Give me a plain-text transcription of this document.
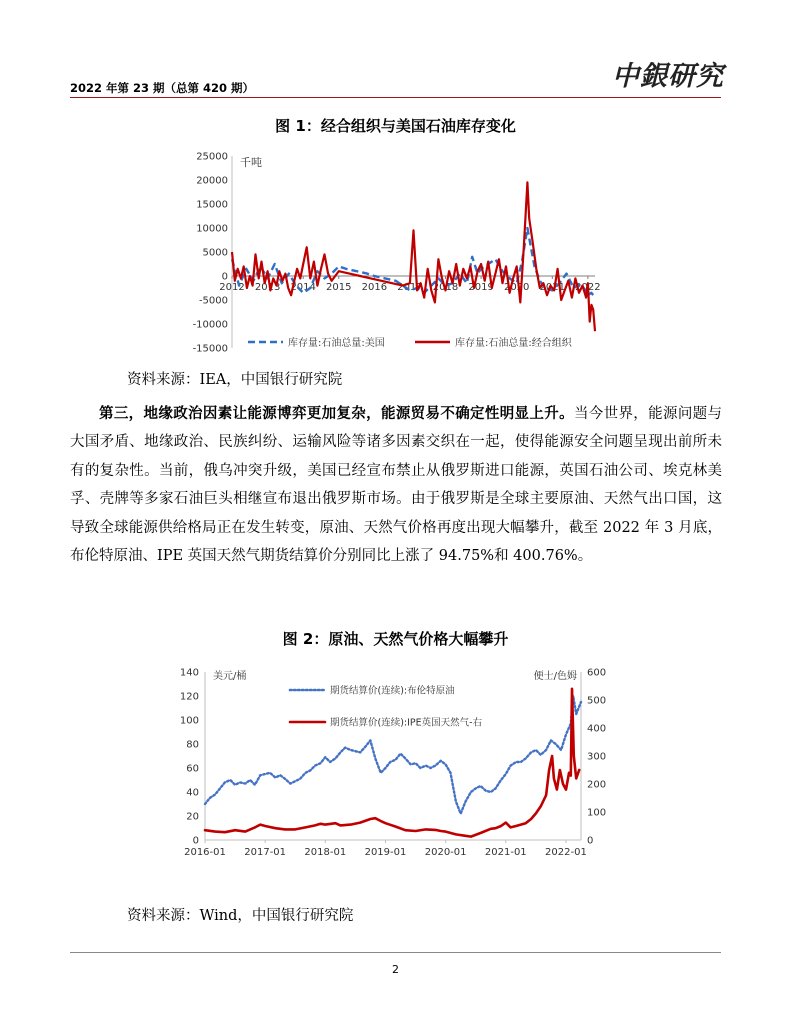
2022 年第 23 期（总第 420 期）	中銀研究
图 1：经合组织与美国石油库存变化
-15000
-10000
-5000
0
5000
10000
15000
20000
25000
2012 2013 2014 2015 2016 2017 2018 2019 2020 2021 2022
千吨
库存量:石油总量:美国	库存量:石油总量:经合组织
资料来源：IEA，中国银行研究院

第三，地缘政治因素让能源博弈更加复杂，能源贸易不确定性明显上升。当今世界，能源问题与大国矛盾、地缘政治、民族纠纷、运输风险等诸多因素交织在一起，使得能源安全问题呈现出前所未有的复杂性。当前，俄乌冲突升级，美国已经宣布禁止从俄罗斯进口能源，英国石油公司、埃克林美孚、壳牌等多家石油巨头相继宣布退出俄罗斯市场。由于俄罗斯是全球主要原油、天然气出口国，这导致全球能源供给格局正在发生转变，原油、天然气价格再度出现大幅攀升，截至 2022 年 3 月底，布伦特原油、IPE 英国天然气期货结算价分别同比上涨了 94.75%和 400.76%。

图 2：原油、天然气价格大幅攀升
0
20
40
60
80
100
120
140
0
100
200
300
400
500
600
2016-01 2017-01 2018-01 2019-01 2020-01 2021-01 2022-01
美元/桶	便士/色姆
期货结算价(连续):布伦特原油
期货结算价(连续):IPE英国天然气-右
资料来源：Wind，中国银行研究院
2
